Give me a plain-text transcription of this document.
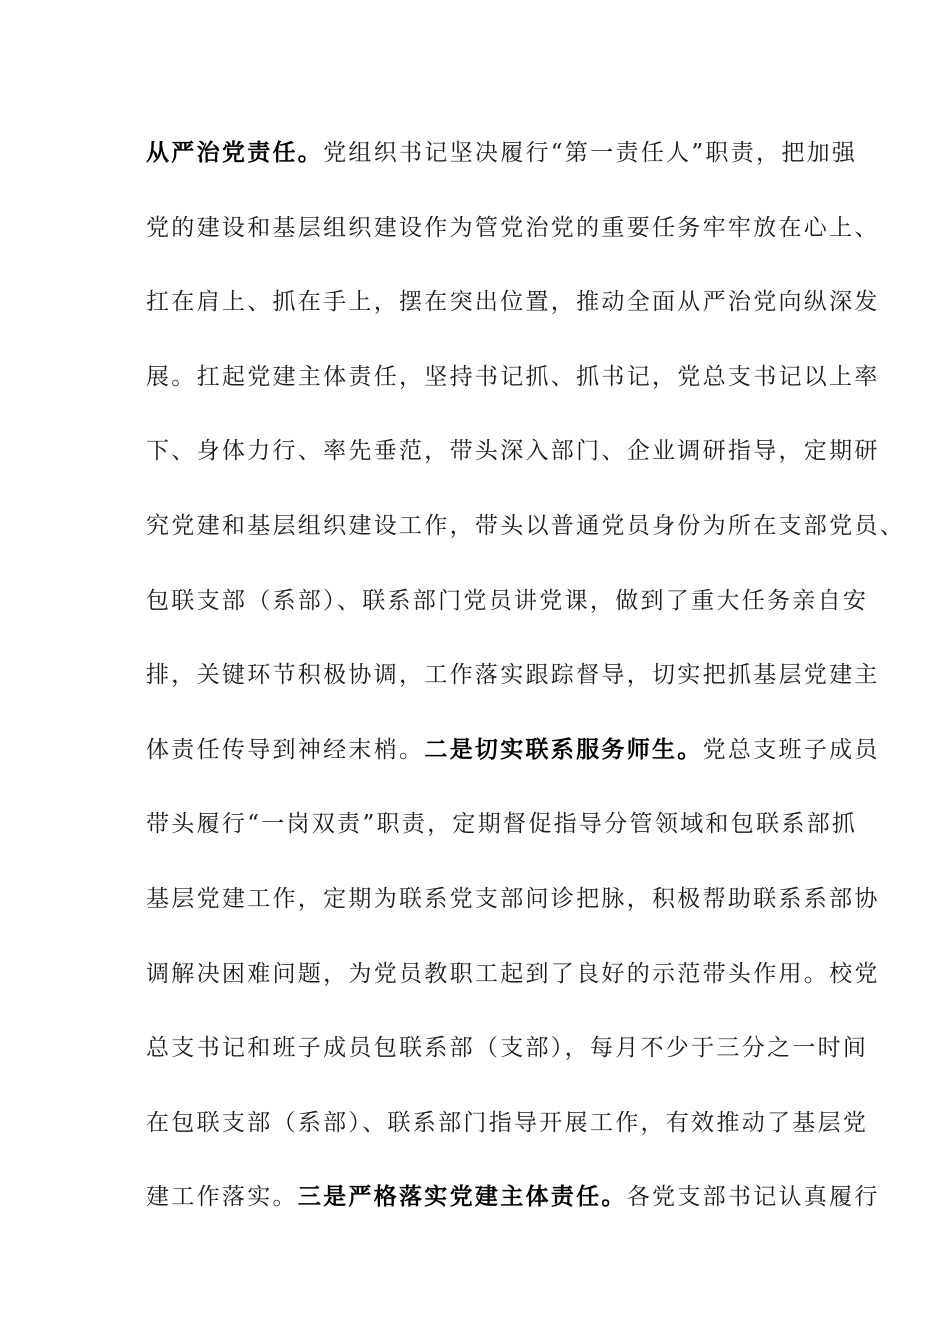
从严治党责任。党组织书记坚决履行“第一责任人”职责，把加强
党的建设和基层组织建设作为管党治党的重要任务牢牢放在心上、
扛在肩上、抓在手上，摆在突出位置，推动全面从严治党向纵深发
展。扛起党建主体责任，坚持书记抓、抓书记，党总支书记以上率
下、身体力行、率先垂范，带头深入部门、企业调研指导，定期研
究党建和基层组织建设工作，带头以普通党员身份为所在支部党员、
包联支部（系部）、联系部门党员讲党课，做到了重大任务亲自安
排，关键环节积极协调，工作落实跟踪督导，切实把抓基层党建主
体责任传导到神经末梢。二是切实联系服务师生。党总支班子成员
带头履行“一岗双责”职责，定期督促指导分管领域和包联系部抓
基层党建工作，定期为联系党支部问诊把脉，积极帮助联系系部协
调解决困难问题，为党员教职工起到了良好的示范带头作用。校党
总支书记和班子成员包联系部（支部），每月不少于三分之一时间
在包联支部（系部）、联系部门指导开展工作，有效推动了基层党
建工作落实。三是严格落实党建主体责任。各党支部书记认真履行
